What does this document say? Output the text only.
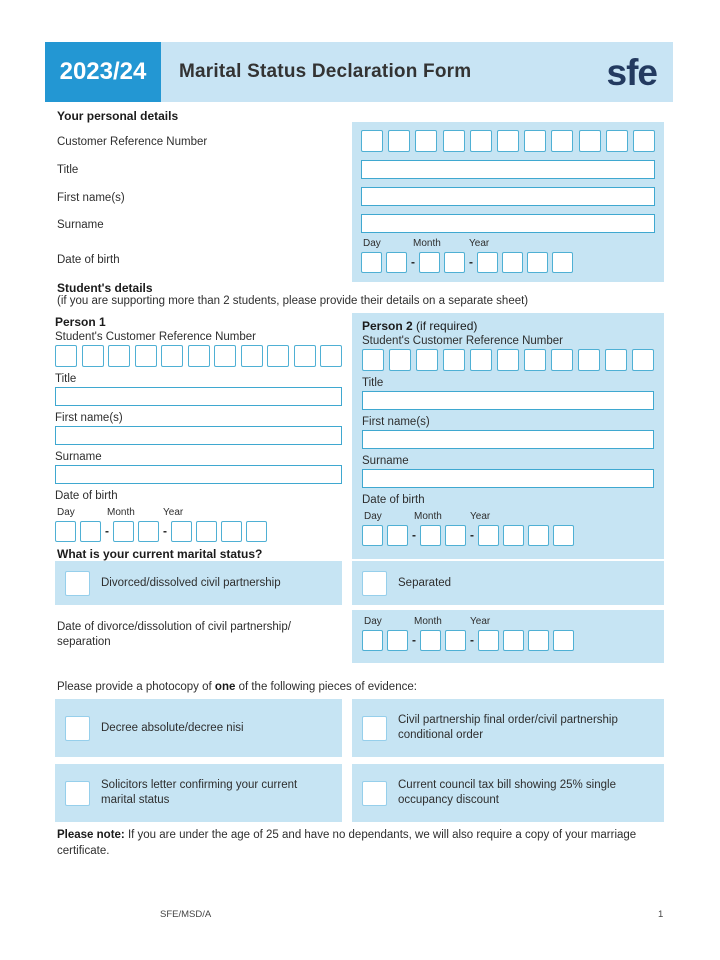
2023/24	Marital Status Declaration Form	sfe
Your personal details
Customer Reference Number
Title
First name(s)
Surname
Date of birth
Day	Month	Year
-	-
Student's details
(if you are supporting more than 2 students, please provide their details on a separate sheet)
Person 1
Student's Customer Reference Number
Title
First name(s)
Surname
Date of birth
Day	Month	Year
-	-
Person 2 (if required)
Student's Customer Reference Number
Title
First name(s)
Surname
Date of birth
Day	Month	Year
-	-
What is your current marital status?
Divorced/dissolved civil partnership	Separated
Date of divorce/dissolution of civil partnership/
separation
Day	Month	Year
-	-
Please provide a photocopy of one of the following pieces of evidence:
Decree absolute/decree nisi
Civil partnership final order/civil partnership conditional order
Solicitors letter confirming your current marital status
Current council tax bill showing 25% single occupancy discount
Please note: If you are under the age of 25 and have no dependants, we will also require a copy of your marriage certificate.
SFE/MSD/A	1
